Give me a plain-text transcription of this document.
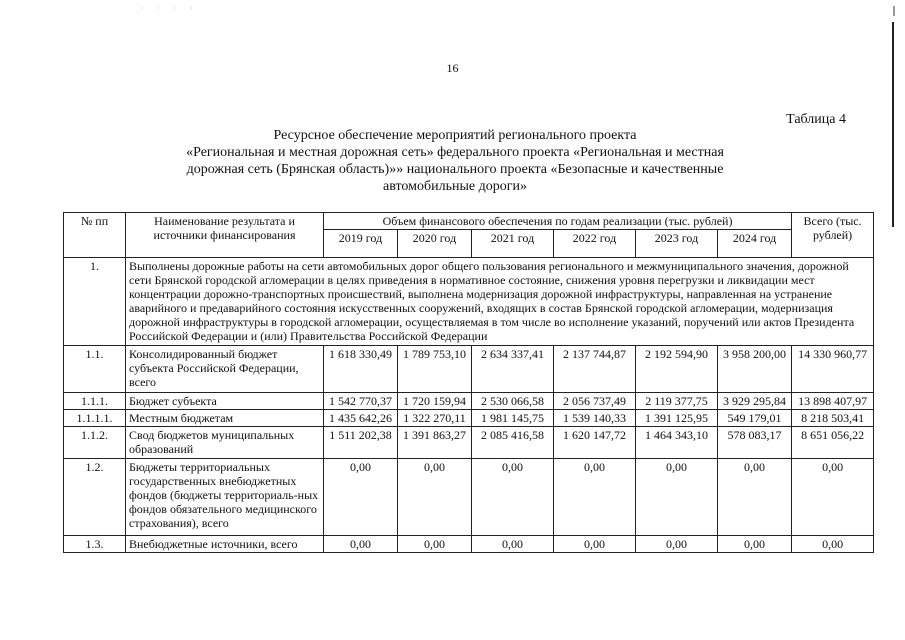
· · · ·
16
Таблица 4
Ресурсное обеспечение мероприятий регионального проекта
«Региональная и местная дорожная сеть» федерального проекта «Региональная и местная
дорожная сеть (Брянская область)»» национального проекта «Безопасные и качественные
автомобильные дороги»
№ пп	Наименование результата и источники финансирования	Объем финансового обеспечения по годам реализации (тыс. рублей)						Всего (тыс. рублей)
		2019 год	2020 год	2021 год	2022 год	2023 год	2024 год	
1.	Выполнены дорожные работы на сети автомобильных дорог общего пользования регионального и межмуниципального значения, дорожной сети Брянской городской агломерации в целях приведения в нормативное состояние, снижения уровня перегрузки и ликвидации мест концентрации дорожно-транспортных происшествий, выполнена модернизация дорожной инфраструктуры, направленная на устранение аварийного и предаварийного состояния искусственных сооружений, входящих в состав Брянской городской агломерации, модернизация дорожной инфраструктуры в городской агломерации, осуществляемая в том числе во исполнение указаний, поручений или актов Президента Российской Федерации и (или) Правительства Российской Федерации							
1.1.	Консолидированный бюджет субъекта Российской Федерации, всего	1 618 330,49	1 789 753,10	2 634 337,41	2 137 744,87	2 192 594,90	3 958 200,00	14 330 960,77
1.1.1.	Бюджет субъекта	1 542 770,37	1 720 159,94	2 530 066,58	2 056 737,49	2 119 377,75	3 929 295,84	13 898 407,97
1.1.1.1.	Местным бюджетам	1 435 642,26	1 322 270,11	1 981 145,75	1 539 140,33	1 391 125,95	549 179,01	8 218 503,41
1.1.2.	Свод бюджетов муниципальных образований	1 511 202,38	1 391 863,27	2 085 416,58	1 620 147,72	1 464 343,10	578 083,17	8 651 056,22
1.2.	Бюджеты территориальных государственных внебюджетных фондов (бюджеты территориаль-ных фондов обязательного медицинского страхования), всего	0,00	0,00	0,00	0,00	0,00	0,00	0,00
1.3.	Внебюджетные источники, всего	0,00	0,00	0,00	0,00	0,00	0,00	0,00
